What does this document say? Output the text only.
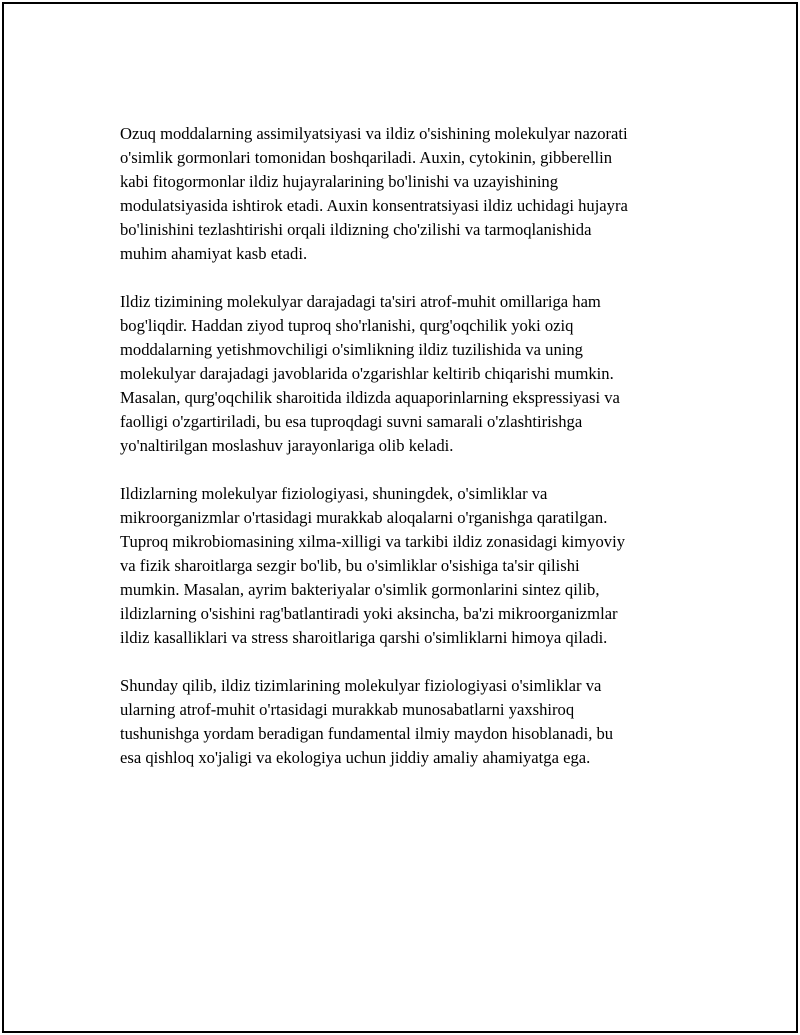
Ozuq moddalarning assimilyatsiyasi va ildiz o'sishining molekulyar nazorati
o'simlik gormonlari tomonidan boshqariladi. Auxin, cytokinin, gibberellin
kabi fitogormonlar ildiz hujayralarining bo'linishi va uzayishining
modulatsiyasida ishtirok etadi. Auxin konsentratsiyasi ildiz uchidagi hujayra
bo'linishini tezlashtirishi orqali ildizning cho'zilishi va tarmoqlanishida
muhim ahamiyat kasb etadi.

Ildiz tizimining molekulyar darajadagi ta'siri atrof-muhit omillariga ham
bog'liqdir. Haddan ziyod tuproq sho'rlanishi, qurg'oqchilik yoki oziq
moddalarning yetishmovchiligi o'simlikning ildiz tuzilishida va uning
molekulyar darajadagi javoblarida o'zgarishlar keltirib chiqarishi mumkin.
Masalan, qurg'oqchilik sharoitida ildizda aquaporinlarning ekspressiyasi va
faolligi o'zgartiriladi, bu esa tuproqdagi suvni samarali o'zlashtirishga
yo'naltirilgan moslashuv jarayonlariga olib keladi.

Ildizlarning molekulyar fiziologiyasi, shuningdek, o'simliklar va
mikroorganizmlar o'rtasidagi murakkab aloqalarni o'rganishga qaratilgan.
Tuproq mikrobiomasining xilma-xilligi va tarkibi ildiz zonasidagi kimyoviy
va fizik sharoitlarga sezgir bo'lib, bu o'simliklar o'sishiga ta'sir qilishi
mumkin. Masalan, ayrim bakteriyalar o'simlik gormonlarini sintez qilib,
ildizlarning o'sishini rag'batlantiradi yoki aksincha, ba'zi mikroorganizmlar
ildiz kasalliklari va stress sharoitlariga qarshi o'simliklarni himoya qiladi.

Shunday qilib, ildiz tizimlarining molekulyar fiziologiyasi o'simliklar va
ularning atrof-muhit o'rtasidagi murakkab munosabatlarni yaxshiroq
tushunishga yordam beradigan fundamental ilmiy maydon hisoblanadi, bu
esa qishloq xo'jaligi va ekologiya uchun jiddiy amaliy ahamiyatga ega.
